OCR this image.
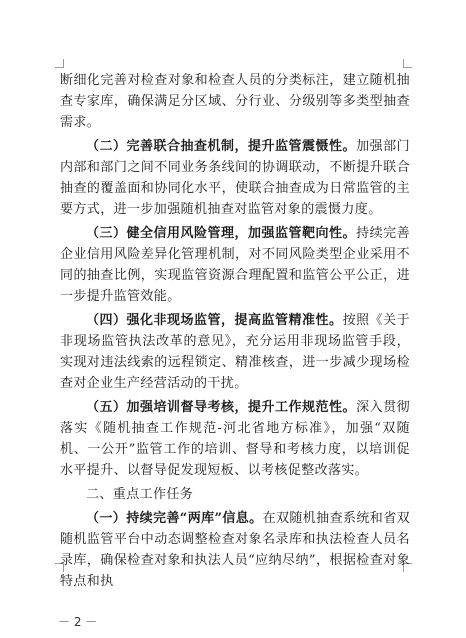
断细化完善对检查对象和检查人员的分类标注，建立随机抽查专家库，确保满足分区域、分行业、分级别等多类型抽查需求。

（二）完善联合抽查机制，提升监管震慑性。加强部门内部和部门之间不同业务条线间的协调联动，不断提升联合抽查的覆盖面和协同化水平，使联合抽查成为日常监管的主要方式，进一步加强随机抽查对监管对象的震慑力度。

（三）健全信用风险管理，加强监管靶向性。持续完善企业信用风险差异化管理机制，对不同风险类型企业采用不同的抽查比例，实现监管资源合理配置和监管公平公正，进一步提升监管效能。

（四）强化非现场监管，提高监管精准性。按照《关于非现场监管执法改革的意见》，充分运用非现场监管手段，实现对违法线索的远程锁定、精准核查，进一步减少现场检查对企业生产经营活动的干扰。

（五）加强培训督导考核，提升工作规范性。深入贯彻落实《随机抽查工作规范-河北省地方标准》，加强“双随机、一公开”监管工作的培训、督导和考核力度，以培训促水平提升、以督导促发现短板、以考核促整改落实。

二、重点工作任务

（一）持续完善“两库”信息。在双随机抽查系统和省双随机监管平台中动态调整检查对象名录库和执法检查人员名录库，确保检查对象和执法人员“应纳尽纳”，根据检查对象特点和执

－ 2 －
